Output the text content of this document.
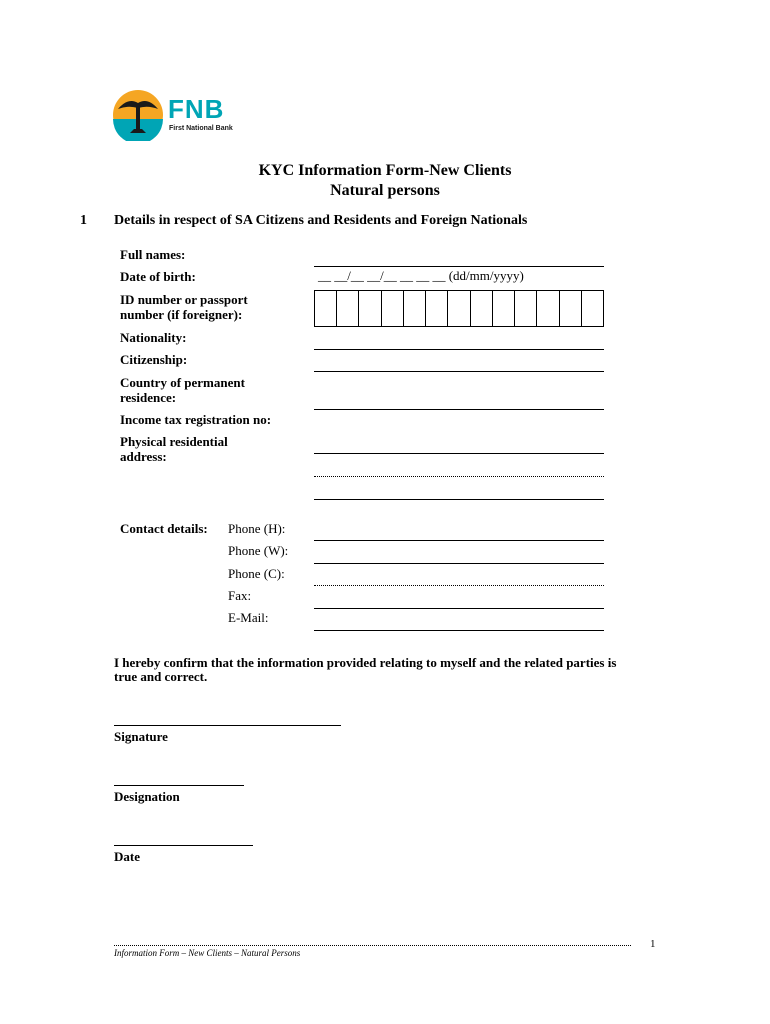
FNB
First National Bank
KYC Information Form-New Clients
Natural persons
1 Details in respect of SA Citizens and Residents and Foreign Nationals
Full names:
Date of birth:	__ __/__ __/__ __ __ __ (dd/mm/yyyy)
ID number or passport
number (if foreigner):
Nationality:
Citizenship:
Country of permanent
residence:
Income tax registration no:
Physical residential
address:
Contact details: Phone (H):
Phone (W):
Phone (C):
Fax:
E-Mail:
I hereby confirm that the information provided relating to myself and the related parties is
true and correct.
Signature
Designation
Date
1
Information Form – New Clients – Natural Persons
